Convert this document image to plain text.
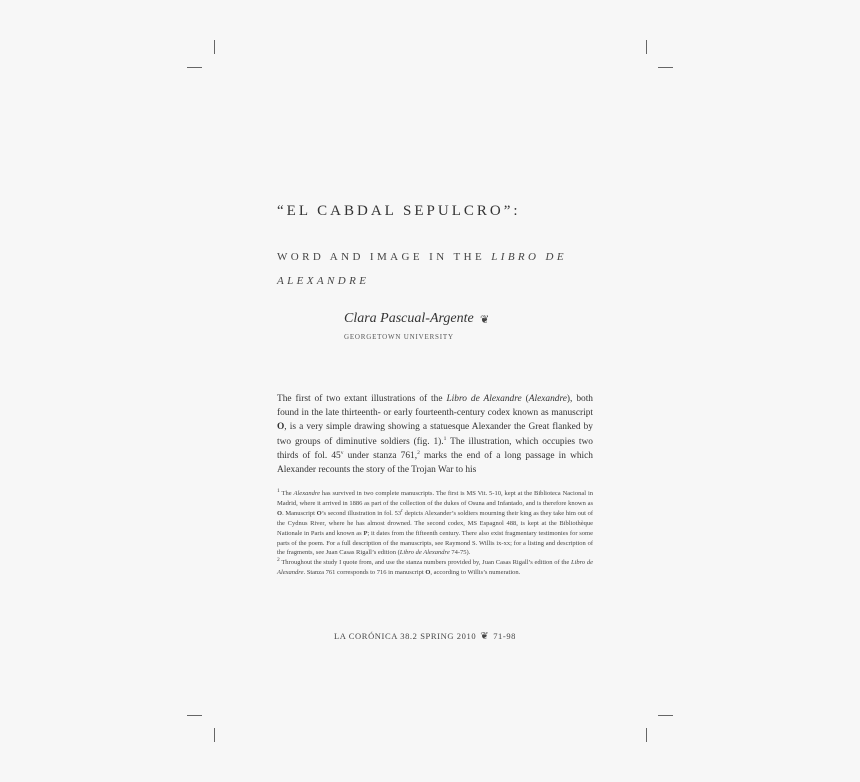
“EL CABDAL SEPULCRO”:

WORD AND IMAGE IN THE LIBRO DE ALEXANDRE

Clara Pascual-Argente ❦
GEORGETOWN UNIVERSITY

The first of two extant illustrations of the Libro de Alexandre (Alexandre), both found in the late thirteenth- or early fourteenth-century codex known as manuscript O, is a very simple drawing showing a statuesque Alexander the Great flanked by two groups of diminutive soldiers (fig. 1).$^1$ The illustration, which occupies two thirds of fol. 45$^v$ under stanza 761,$^2$ marks the end of a long passage in which Alexander recounts the story of the Trojan War to his

$^1$ The Alexandre has survived in two complete manuscripts. The first is MS Vit. 5-10, kept at the Biblioteca Nacional in Madrid, where it arrived in 1886 as part of the collection of the dukes of Osuna and Infantado, and is therefore known as O. Manuscript O’s second illustration in fol. 53$^r$ depicts Alexander’s soldiers mourning their king as they take him out of the Cydnus River, where he has almost drowned. The second codex, MS Espagnol 488, is kept at the Bibliothèque Nationale in Paris and known as P; it dates from the fifteenth century. There also exist fragmentary testimonies for some parts of the poem. For a full description of the manuscripts, see Raymond S. Willis ix-xx; for a listing and description of the fragments, see Juan Casas Rigall’s edition (Libro de Alexandre 74-75).

$^2$ Throughout the study I quote from, and use the stanza numbers provided by, Juan Casas Rigall’s edition of the Libro de Alexandre. Stanza 761 corresponds to 716 in manuscript O, according to Willis’s numeration.

LA CORÓNICA 38.2 SPRING 2010 ❦ 71-98
